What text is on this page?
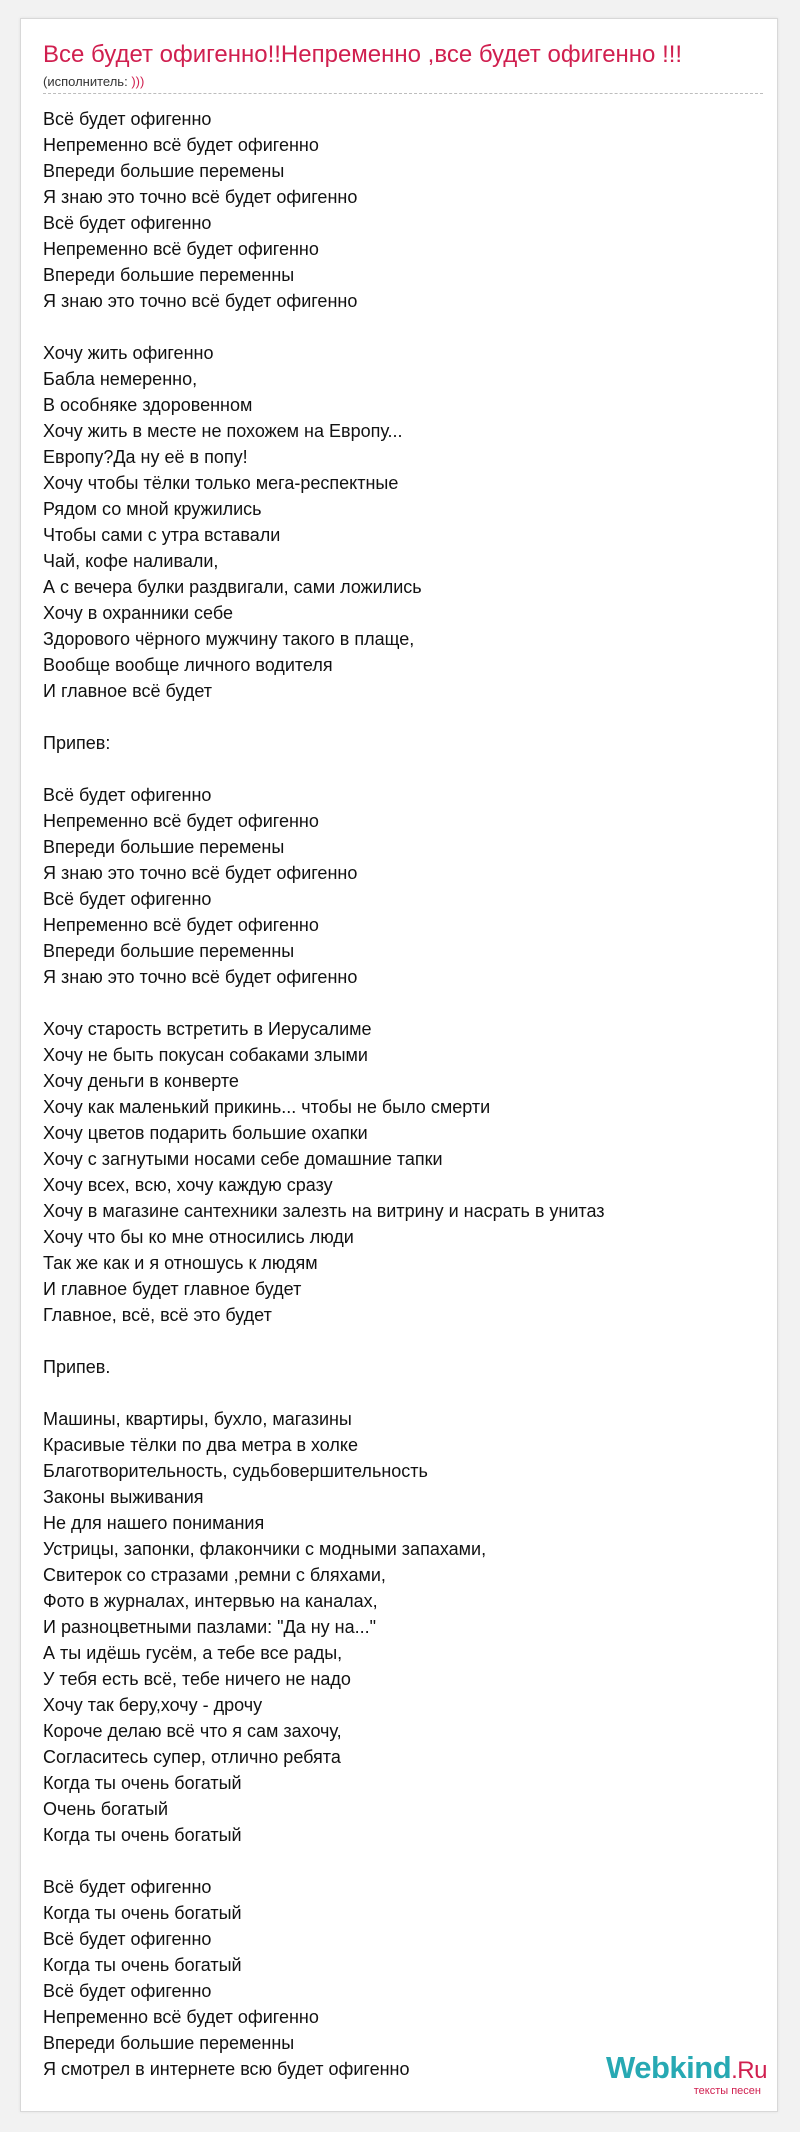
Все будет офигенно!!Непременно ,все будет офигенно !!!
(исполнитель: )))
Всё будет офигенно
Непременно всё будет офигенно
Впереди большие перемены
Я знаю это точно всё будет офигенно
Всё будет офигенно
Непременно всё будет офигенно
Впереди большие переменны
Я знаю это точно всё будет офигенно

Хочу жить офигенно
Бабла немеренно,
В особняке здоровенном
Хочу жить в месте не похожем на Европу...
Европу?Да ну её в попу!
Хочу чтобы тёлки только мега-респектные
Рядом со мной кружились
Чтобы сами с утра вставали
Чай, кофе наливали,
А с вечера булки раздвигали, сами ложились
Хочу в охранники себе
Здорового чёрного мужчину такого в плаще,
Вообще вообще личного водителя
И главное всё будет

Припев:

Всё будет офигенно
Непременно всё будет офигенно
Впереди большие перемены
Я знаю это точно всё будет офигенно
Всё будет офигенно
Непременно всё будет офигенно
Впереди большие переменны
Я знаю это точно всё будет офигенно

Хочу старость встретить в Иерусалиме
Хочу не быть покусан собаками злыми
Хочу деньги в конверте
Хочу как маленький прикинь... чтобы не было смерти
Хочу цветов подарить большие охапки
Хочу с загнутыми носами себе домашние тапки
Хочу всех, всю, хочу каждую сразу
Хочу в магазине сантехники залезть на витрину и насрать в унитаз
Хочу что бы ко мне относились люди
Так же как и я отношусь к людям
И главное будет главное будет
Главное, всё, всё это будет

Припев.

Машины, квартиры, бухло, магазины
Красивые тёлки по два метра в холке
Благотворительность, судьбовершительность
Законы выживания
Не для нашего понимания
Устрицы, запонки, флакончики с модными запахами,
Свитерок со стразами ,ремни с бляхами,
Фото в журналах, интервью на каналах,
И разноцветными пазлами: "Да ну на..."
А ты идёшь гусём, а тебе все рады,
У тебя есть всё, тебе ничего не надо
Хочу так беру,хочу - дрочу
Короче делаю всё что я сам захочу,
Согласитесь супер, отлично ребята
Когда ты очень богатый
Очень богатый
Когда ты очень богатый

Всё будет офигенно
Когда ты очень богатый
Всё будет офигенно
Когда ты очень богатый
Всё будет офигенно
Непременно всё будет офигенно
Впереди большие переменны
Я смотрел в интернете всю будет офигенно	Webkind.Ru
тексты песен
